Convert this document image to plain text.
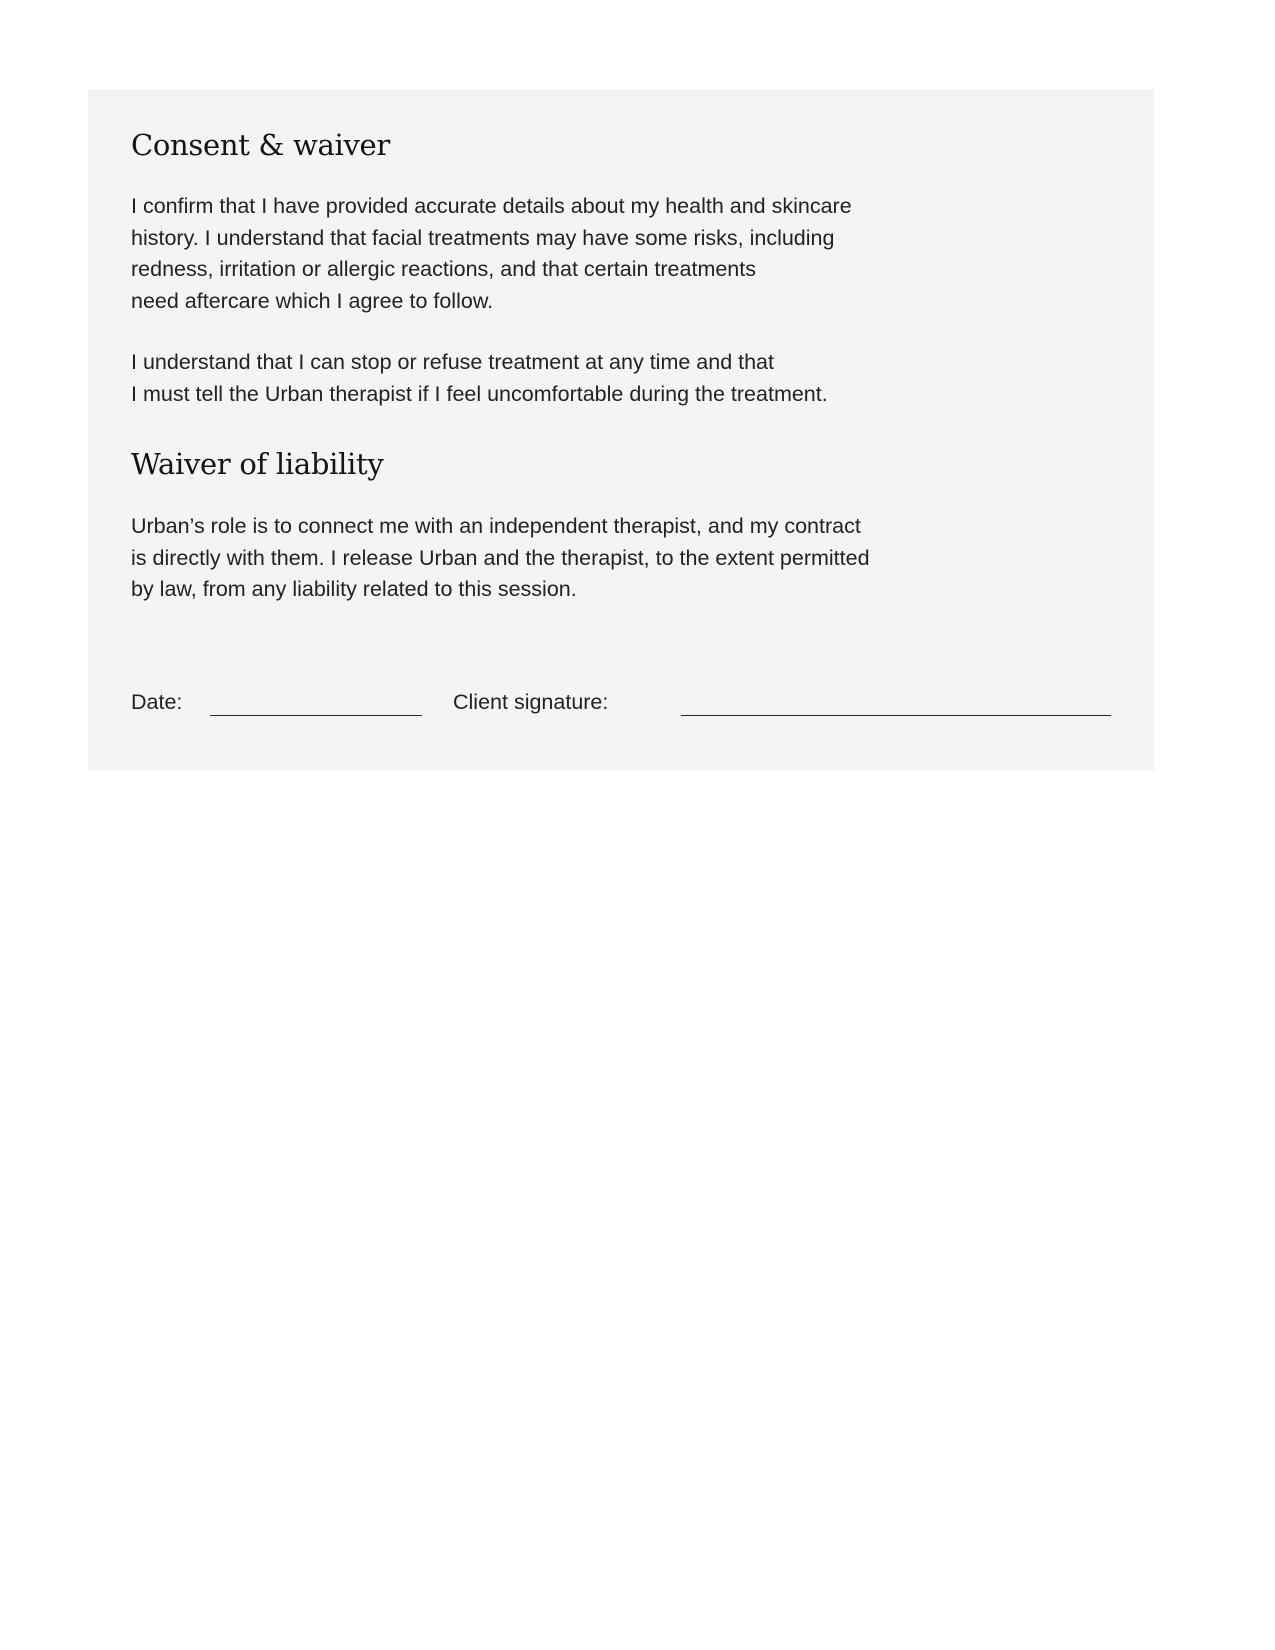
Consent & waiver

I confirm that I have provided accurate details about my health and skincare
history. I understand that facial treatments may have some risks, including
redness, irritation or allergic reactions, and that certain treatments
need aftercare which I agree to follow.

I understand that I can stop or refuse treatment at any time and that
I must tell the Urban therapist if I feel uncomfortable during the treatment.

Waiver of liability

Urban’s role is to connect me with an independent therapist, and my contract
is directly with them. I release Urban and the therapist, to the extent permitted
by law, from any liability related to this session.

Date:	Client signature:
